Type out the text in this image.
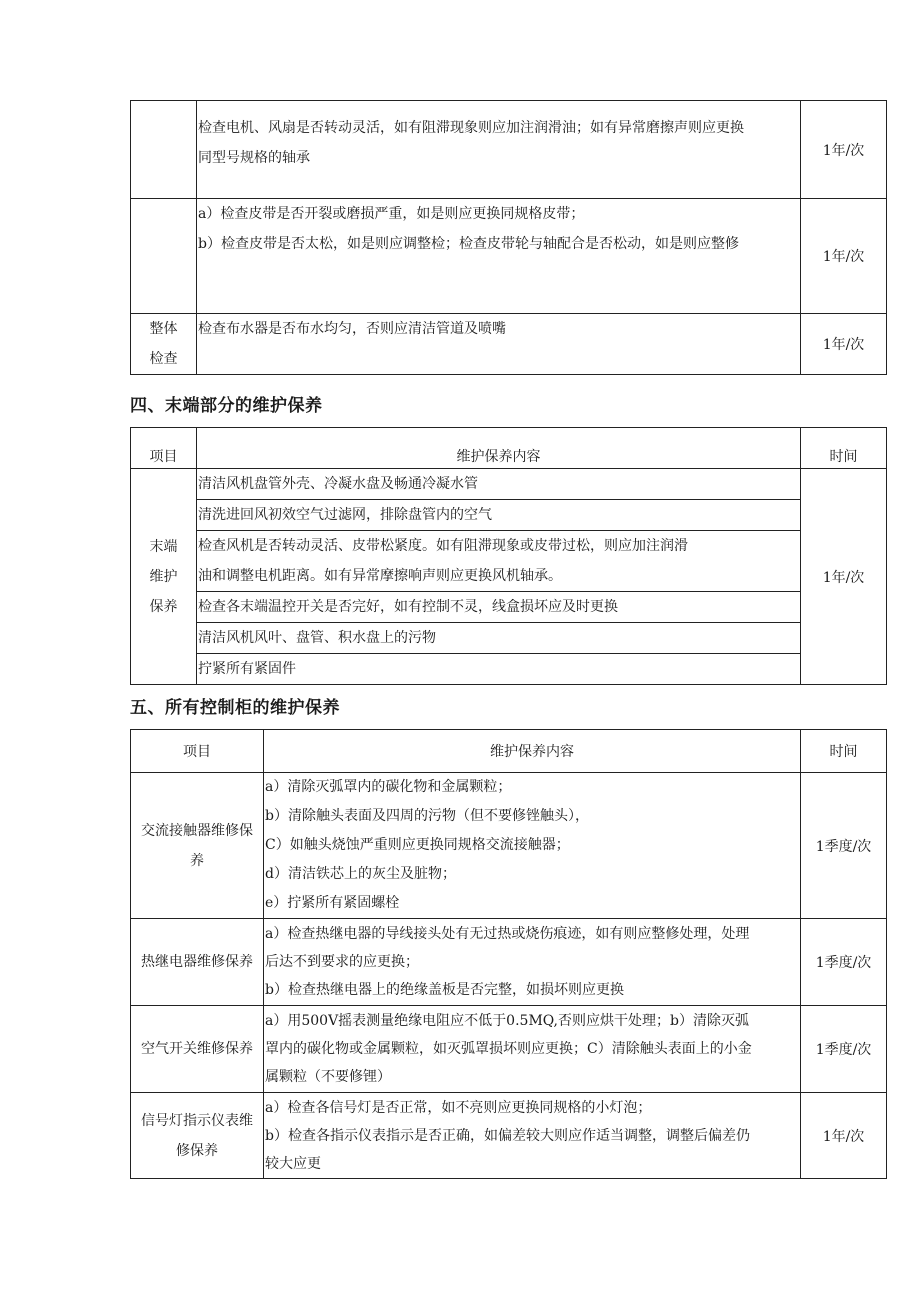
	检查电机、风扇是否转动灵活，如有阻滞现象则应加注润滑油；如有异常磨擦声则应更换
同型号规格的轴承	1年/次

	a）检查皮带是否开裂或磨损严重，如是则应更换同规格皮带；
b）检查皮带是否太松，如是则应调整检；检查皮带轮与轴配合是否松动，如是则应整修	1年/次

整体
检查	检查布水器是否布水均匀，否则应清洁管道及喷嘴	1年/次
四、末端部分的维护保养
项目	维护保养内容	时间

末端
维护
保养	清洁风机盘管外壳、冷凝水盘及畅通冷凝水管	1年/次

	清洗进回风初效空气过滤网，排除盘管内的空气	

	检查风机是否转动灵活、皮带松紧度。如有阻滞现象或皮带过松，则应加注润滑
油和调整电机距离。如有异常摩擦响声则应更换风机轴承。	

	检查各末端温控开关是否完好，如有控制不灵，线盒损坏应及时更换	

	清洁风机风叶、盘管、积水盘上的污物	

	拧紧所有紧固件	
五、所有控制柜的维护保养
项目	维护保养内容	时间

交流接触器维修保
养	a）清除灭弧罩内的碳化物和金属颗粒；
b）清除触头表面及四周的污物（但不要修锉触头），
C）如触头烧蚀严重则应更换同规格交流接触器；
d）清洁铁芯上的灰尘及脏物；
e）拧紧所有紧固螺栓	1季度/次

热继电器维修保养	a）检查热继电器的导线接头处有无过热或烧伤痕迹，如有则应整修处理，处理
后达不到要求的应更换；
b）检查热继电器上的绝缘盖板是否完整，如损坏则应更换	1季度/次

空气开关维修保养	a）用500V摇表测量绝缘电阻应不低于0.5MQ,否则应烘干处理；b）清除灭弧
罩内的碳化物或金属颗粒，如灭弧罩损坏则应更换；C）清除触头表面上的小金
属颗粒（不要修锂）	1季度/次

信号灯指示仪表维
修保养	a）检查各信号灯是否正常，如不亮则应更换同规格的小灯泡；
b）检查各指示仪表指示是否正确，如偏差较大则应作适当调整，调整后偏差仍
较大应更	1年/次
